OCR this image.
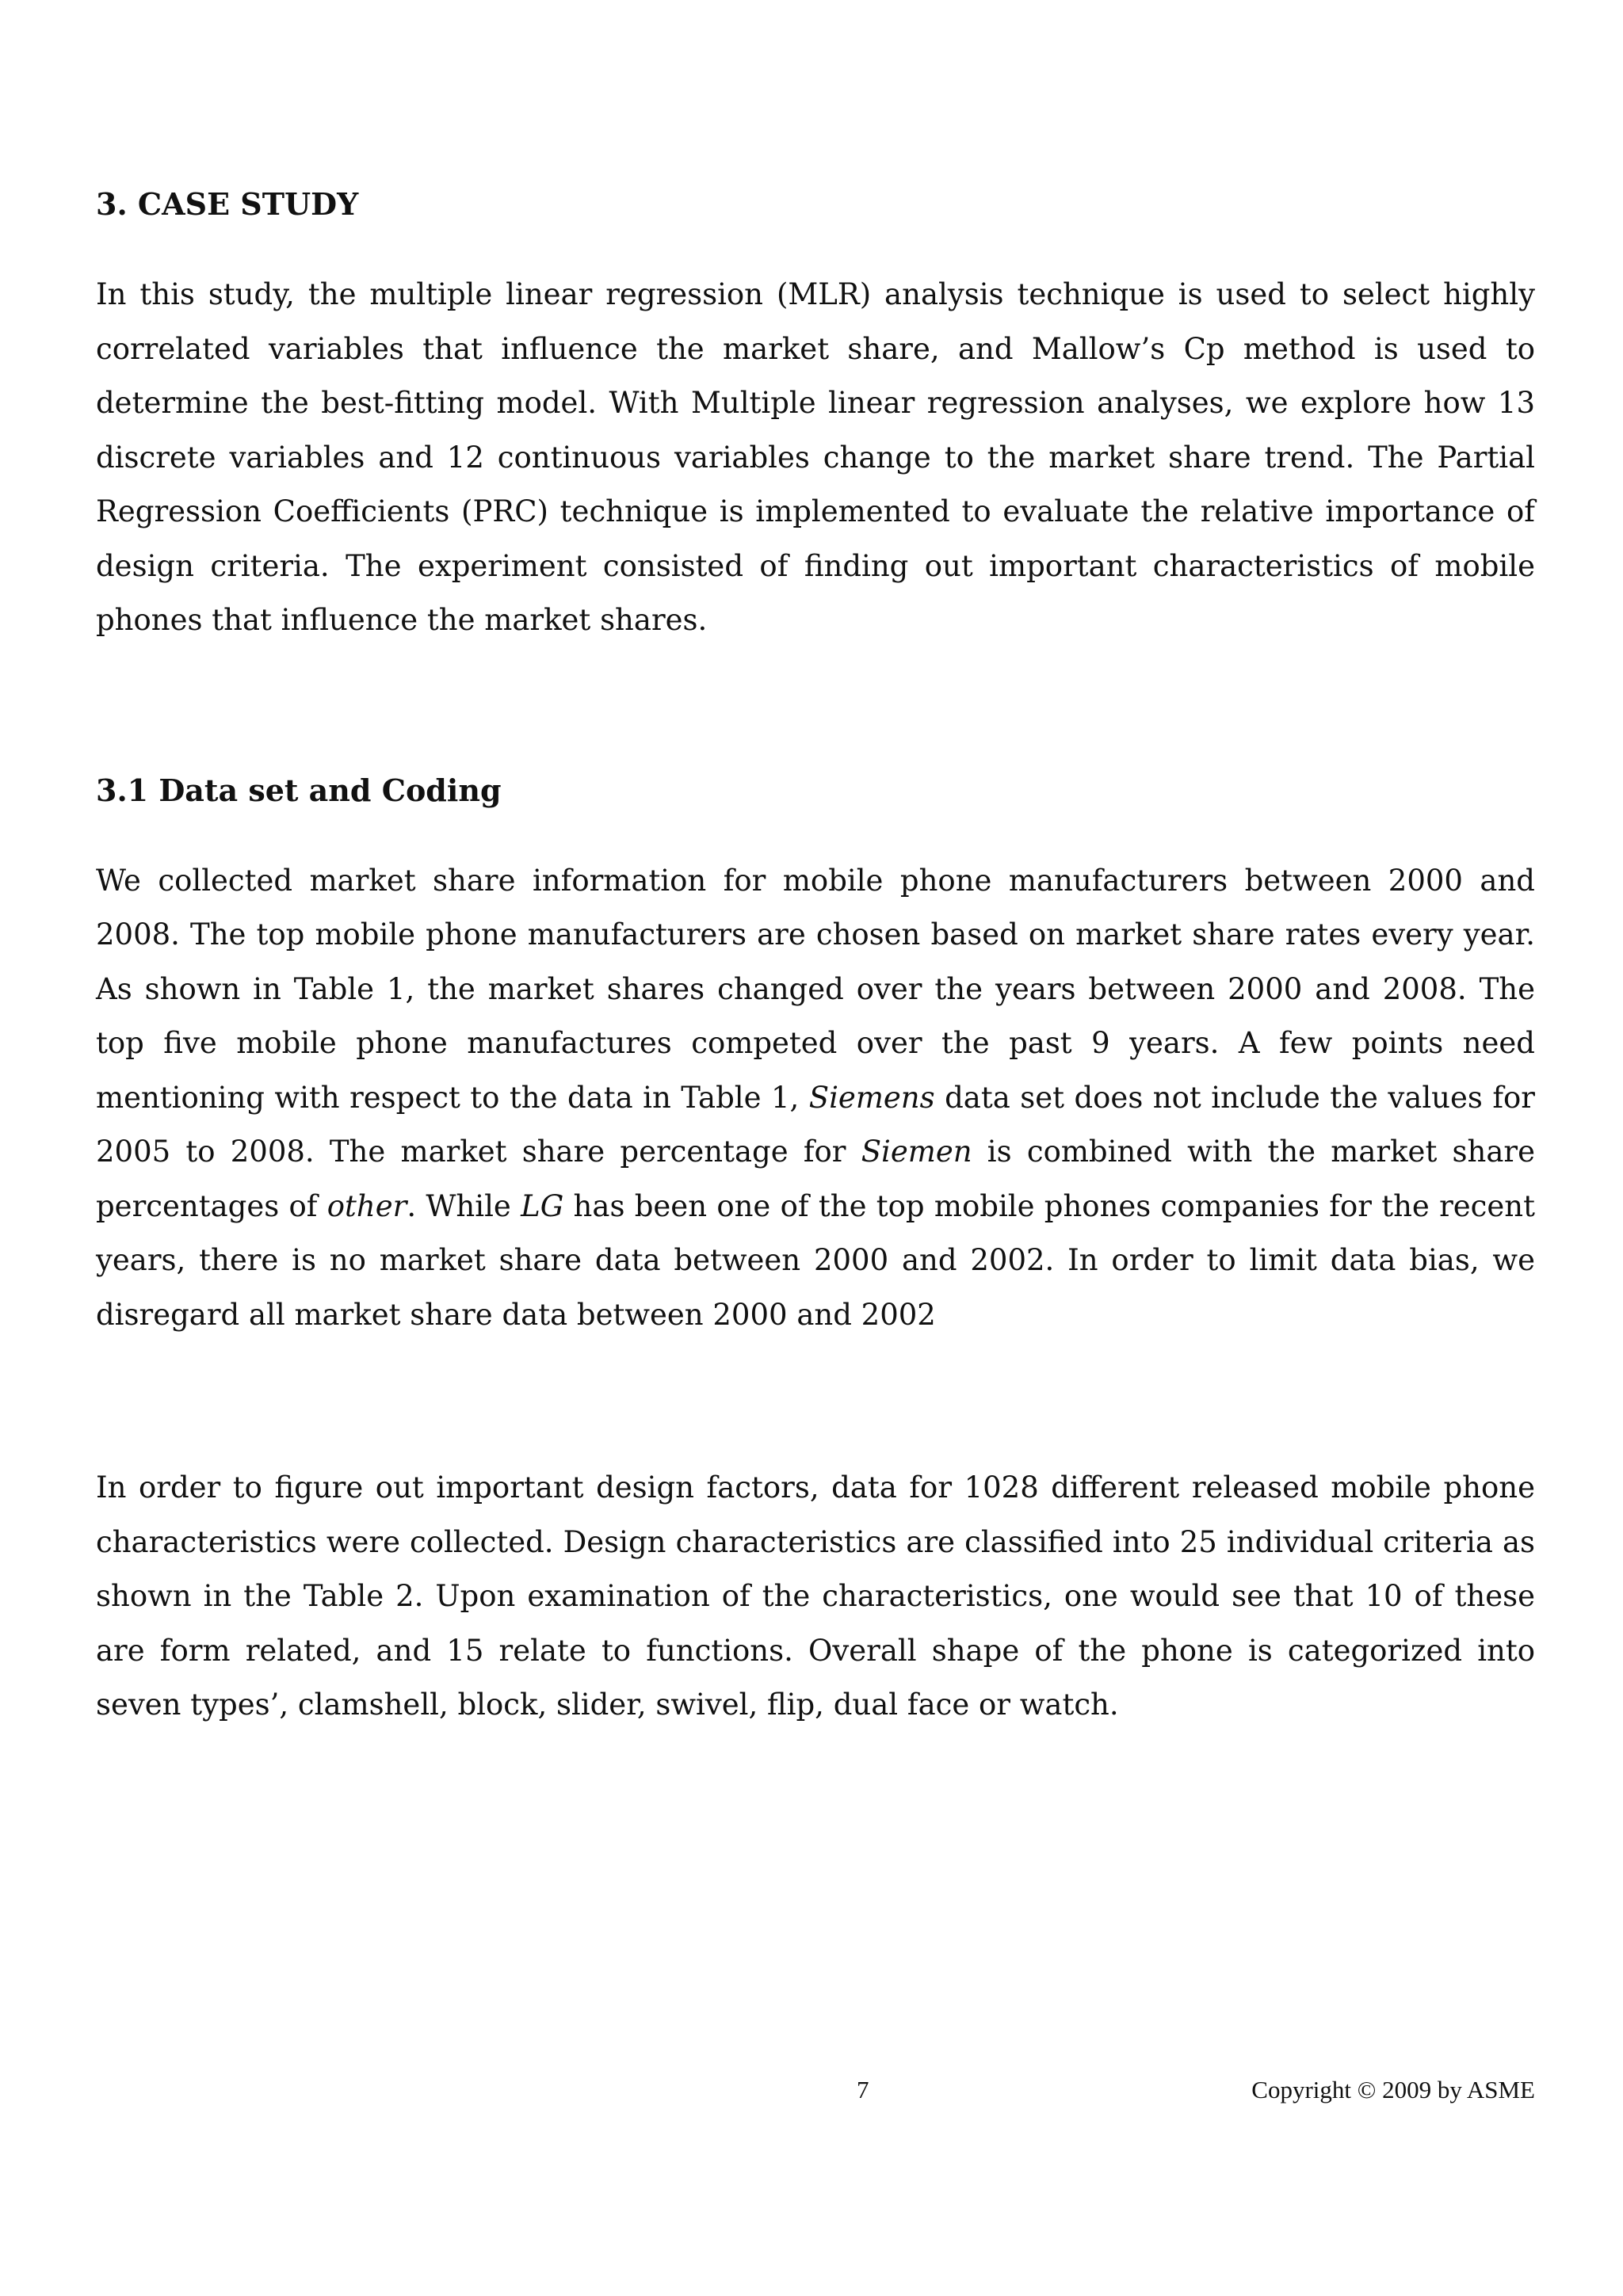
3. CASE STUDY

In this study, the multiple linear regression (MLR) analysis technique is used to select highly correlated variables that influence the market share, and Mallow’s Cp method is used to determine the best-fitting model. With Multiple linear regression analyses, we explore how 13 discrete variables and 12 continuous variables change to the market share trend. The Partial Regression Coefficients (PRC) technique is implemented to evaluate the relative importance of design criteria. The experiment consisted of finding out important characteristics of mobile phones that influence the market shares.

3.1 Data set and Coding

We collected market share information for mobile phone manufacturers between 2000 and 2008. The top mobile phone manufacturers are chosen based on market share rates every year. As shown in Table 1, the market shares changed over the years between 2000 and 2008. The top five mobile phone manufactures competed over the past 9 years. A few points need mentioning with respect to the data in Table 1, Siemens data set does not include the values for 2005 to 2008. The market share percentage for Siemen is combined with the market share percentages of other. While LG has been one of the top mobile phones companies for the recent years, there is no market share data between 2000 and 2002. In order to limit data bias, we disregard all market share data between 2000 and 2002

In order to figure out important design factors, data for 1028 different released mobile phone characteristics were collected. Design characteristics are classified into 25 individual criteria as shown in the Table 2. Upon examination of the characteristics, one would see that 10 of these are form related, and 15 relate to functions. Overall shape of the phone is categorized into seven types’, clamshell, block, slider, swivel, flip, dual face or watch.

7	Copyright © 2009 by ASME
